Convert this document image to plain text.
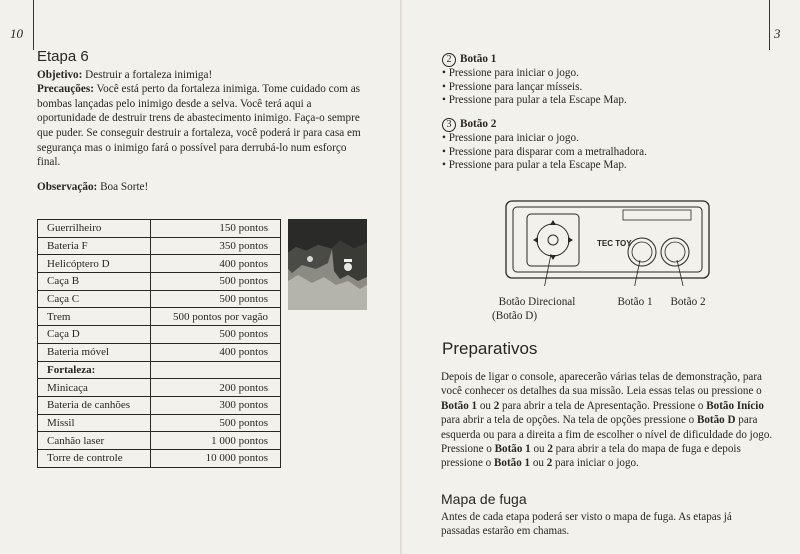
10
Etapa 6

Objetivo: Destruir a fortaleza inimiga!

Precauções: Você está perto da fortaleza inimiga. Tome cuidado com as bombas lançadas pelo inimigo desde a selva. Você terá aqui a oportunidade de destruir trens de abastecimento inimigo. Faça-o sempre que puder. Se conseguir destruir a fortaleza, você poderá ir para casa em segurança mas o inimigo fará o possível para derrubá-lo num esforço final.

Observação: Boa Sorte!

Guerrilheiro	150 pontos
Bateria F	350 pontos
Helicóptero D	400 pontos
Caça B	500 pontos
Caça C	500 pontos
Trem	500 pontos por vagão
Caça D	500 pontos
Bateria móvel	400 pontos
Fortaleza:	
Minicaça	200 pontos
Bateria de canhões	300 pontos
Míssil	500 pontos
Canhão laser	1 000 pontos
Torre de controle	10 000 pontos
3
2 Botão 1

• Pressione para iniciar o jogo.

• Pressione para lançar mísseis.

• Pressione para pular a tela Escape Map.

3 Botão 2

• Pressione para iniciar o jogo.

• Pressione para disparar com a metralhadora.

• Pressione para pular a tela Escape Map.

TEC TOY
Botão Direcional
(Botão D)
Botão 1	Botão 2
Preparativos

Depois de ligar o console, aparecerão várias telas de demonstração, para você conhecer os detalhes da sua missão. Leia essas telas ou pressione o Botão 1 ou 2 para abrir a tela de Apresentação. Pressione o Botão Início para abrir a tela de opções. Na tela de opções pressione o Botão D para esquerda ou para a direita a fim de escolher o nível de dificuldade do jogo. Pressione o Botão 1 ou 2 para abrir a tela do mapa de fuga e depois pressione o Botão 1 ou 2 para iniciar o jogo.

Mapa de fuga

Antes de cada etapa poderá ser visto o mapa de fuga. As etapas já passadas estarão em chamas.
